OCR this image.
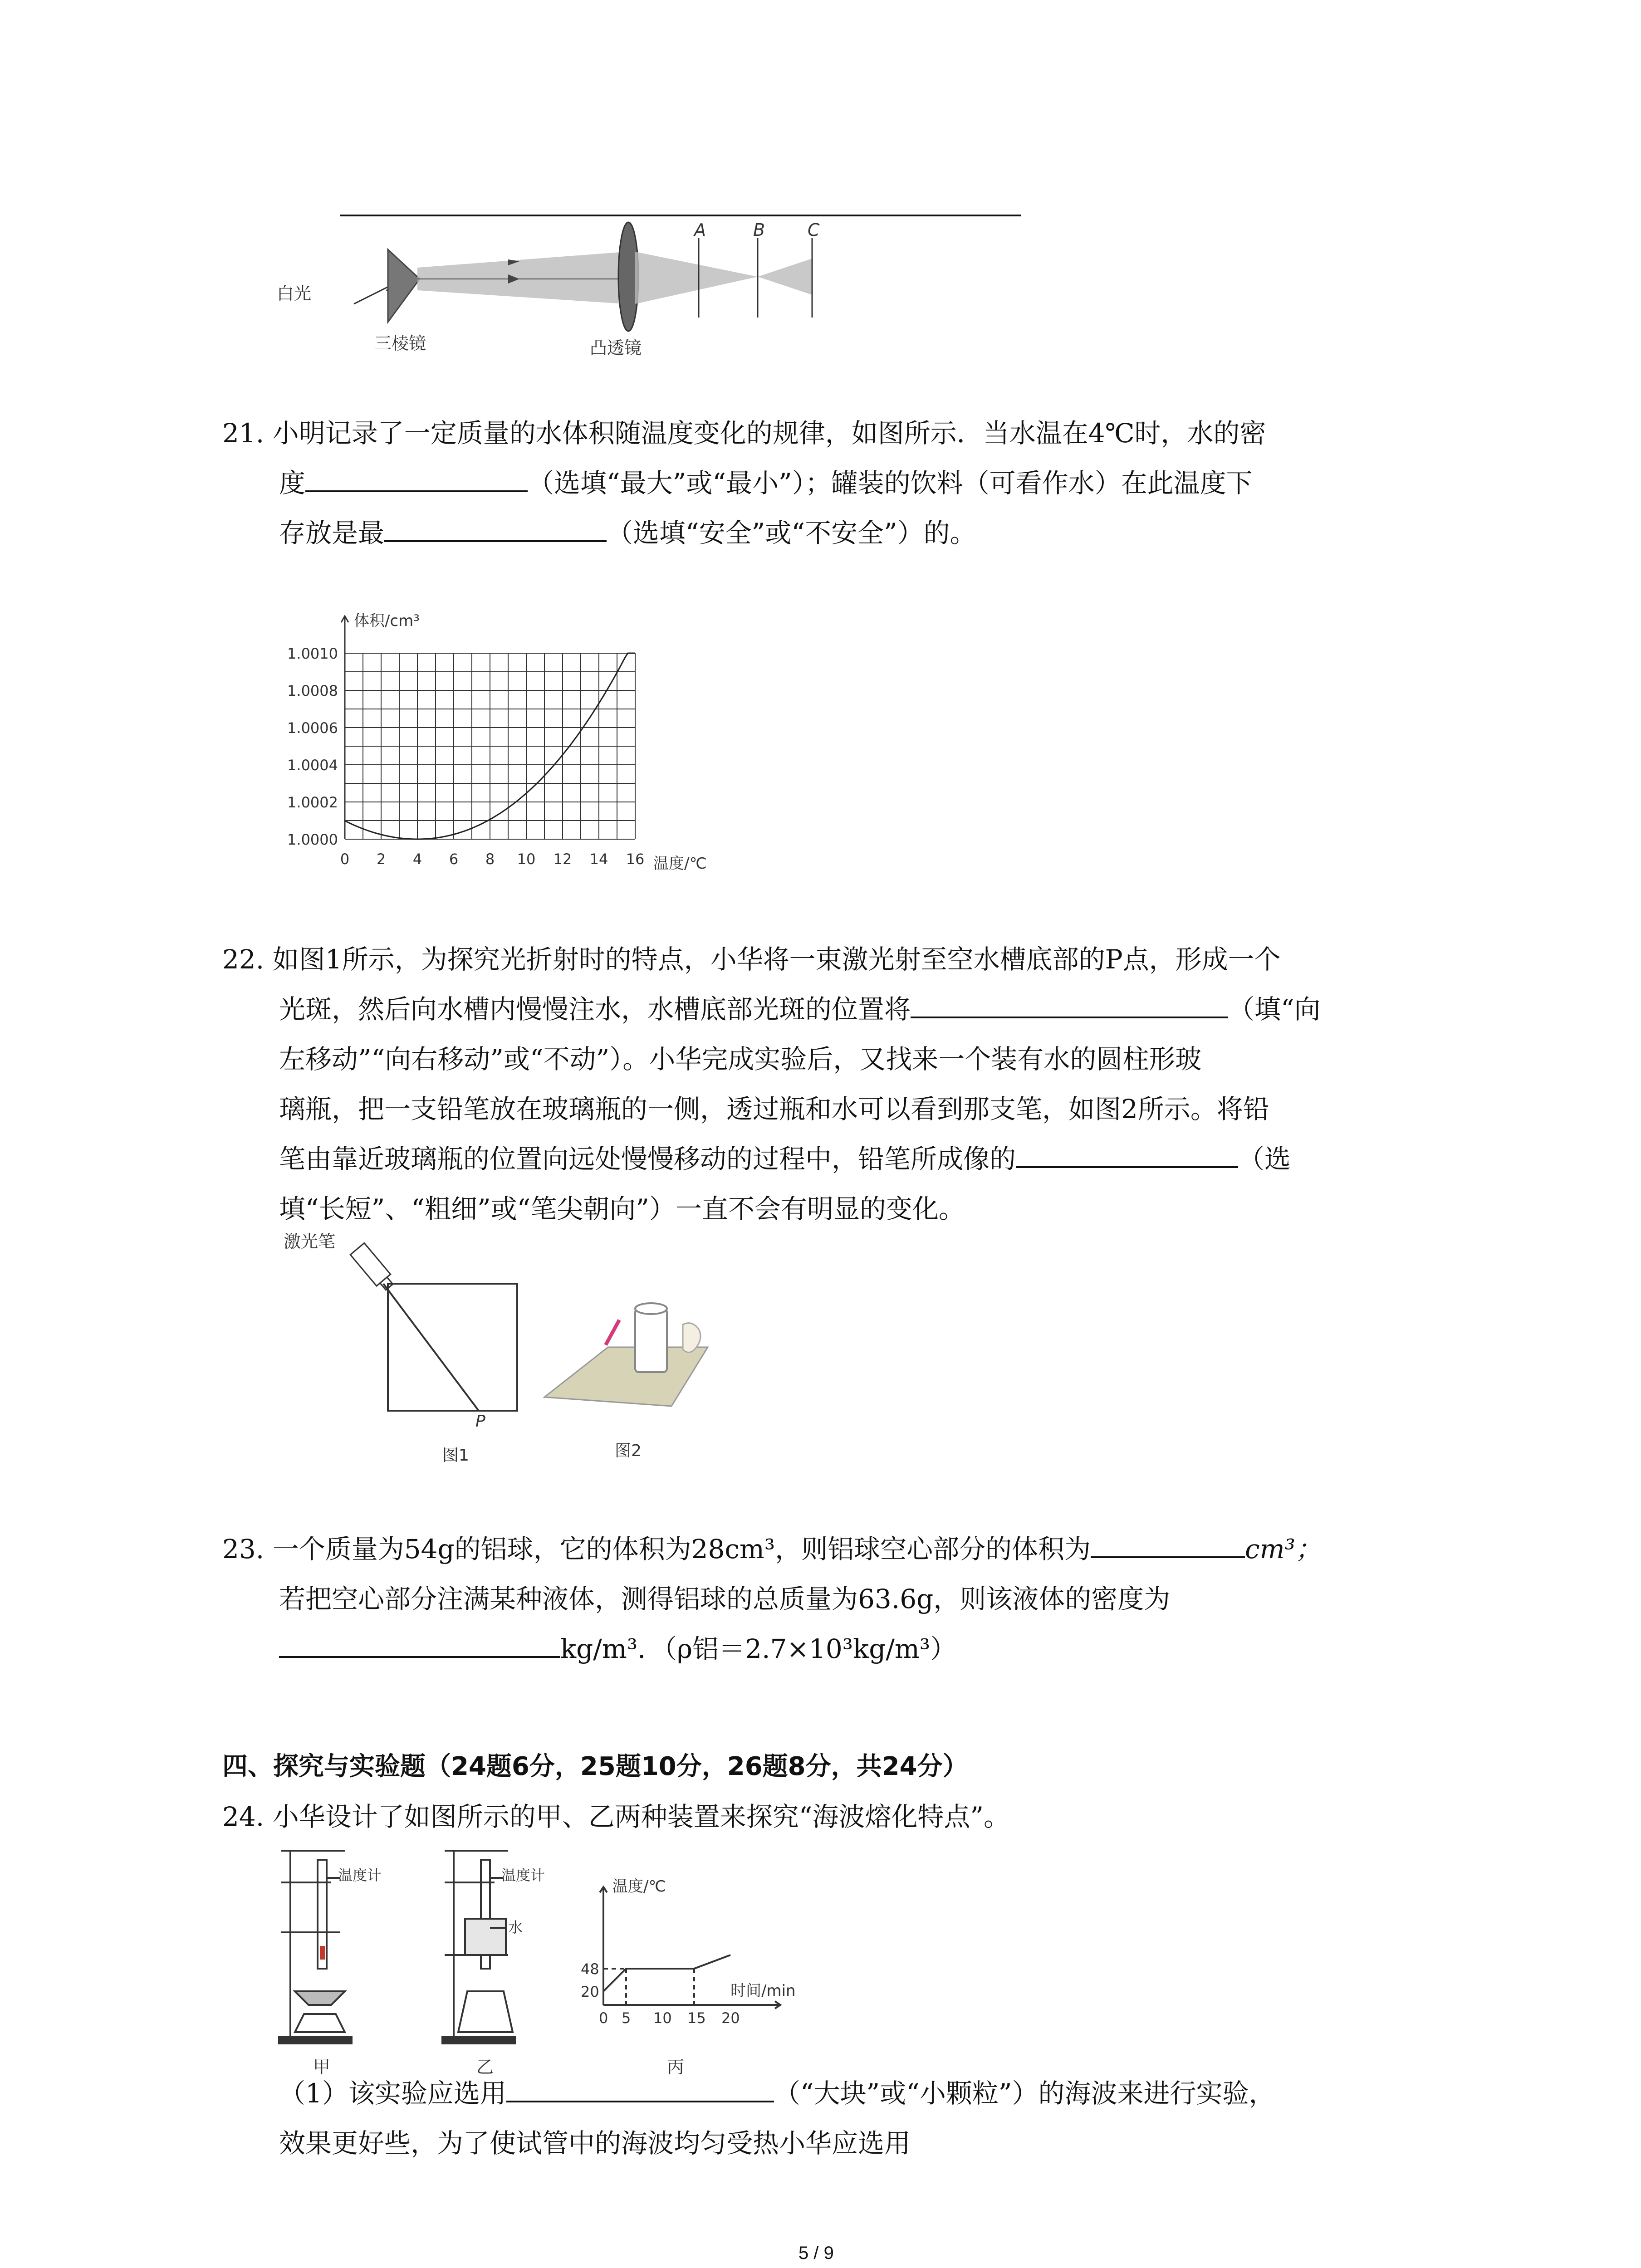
A	B C
白光
三棱镜	凸透镜
21. 小明记录了一定质量的水体积随温度变化的规律，如图所示．当水温在4℃时，水的密
度	（选填“最大”或“最小”）；罐装的饮料（可看作水）在此温度下
存放是最	（选填“安全”或“不安全”）的。
体积/cm³
1.0000
1.0002
1.0004
1.0006
1.0008
1.0010
0 2 4 6 8 10 12 14 16 温度/℃
22. 如图1所示，为探究光折射时的特点，小华将一束激光射至空水槽底部的P点，形成一个
光斑，然后向水槽内慢慢注水，水槽底部光斑的位置将	（填“向
左移动”“向右移动”或“不动”）。小华完成实验后，又找来一个装有水的圆柱形玻
璃瓶，把一支铅笔放在玻璃瓶的一侧，透过瓶和水可以看到那支笔，如图2所示。将铅
笔由靠近玻璃瓶的位置向远处慢慢移动的过程中，铅笔所成像的	（选
填“长短”、“粗细”或“笔尖朝向”）一直不会有明显的变化。
激光笔
P
图1	图2
23. 一个质量为54g的铝球，它的体积为28cm³，则铝球空心部分的体积为	cm³；
若把空心部分注满某种液体，测得铝球的总质量为63.6g，则该液体的密度为
kg/m³．（ρ铝＝2.7×10³kg/m³）
四、探究与实验题（24题6分，25题10分，26题8分，共24分）
24. 小华设计了如图所示的甲、乙两种装置来探究“海波熔化特点”。
温度计
甲
温度计
水
乙
温度/℃
时间/min
48
20
0 5 10 15 20
丙
（1）该实验应选用	（“大块”或“小颗粒”）的海波来进行实验，
效果更好些，为了使试管中的海波均匀受热小华应选用
5 / 9
